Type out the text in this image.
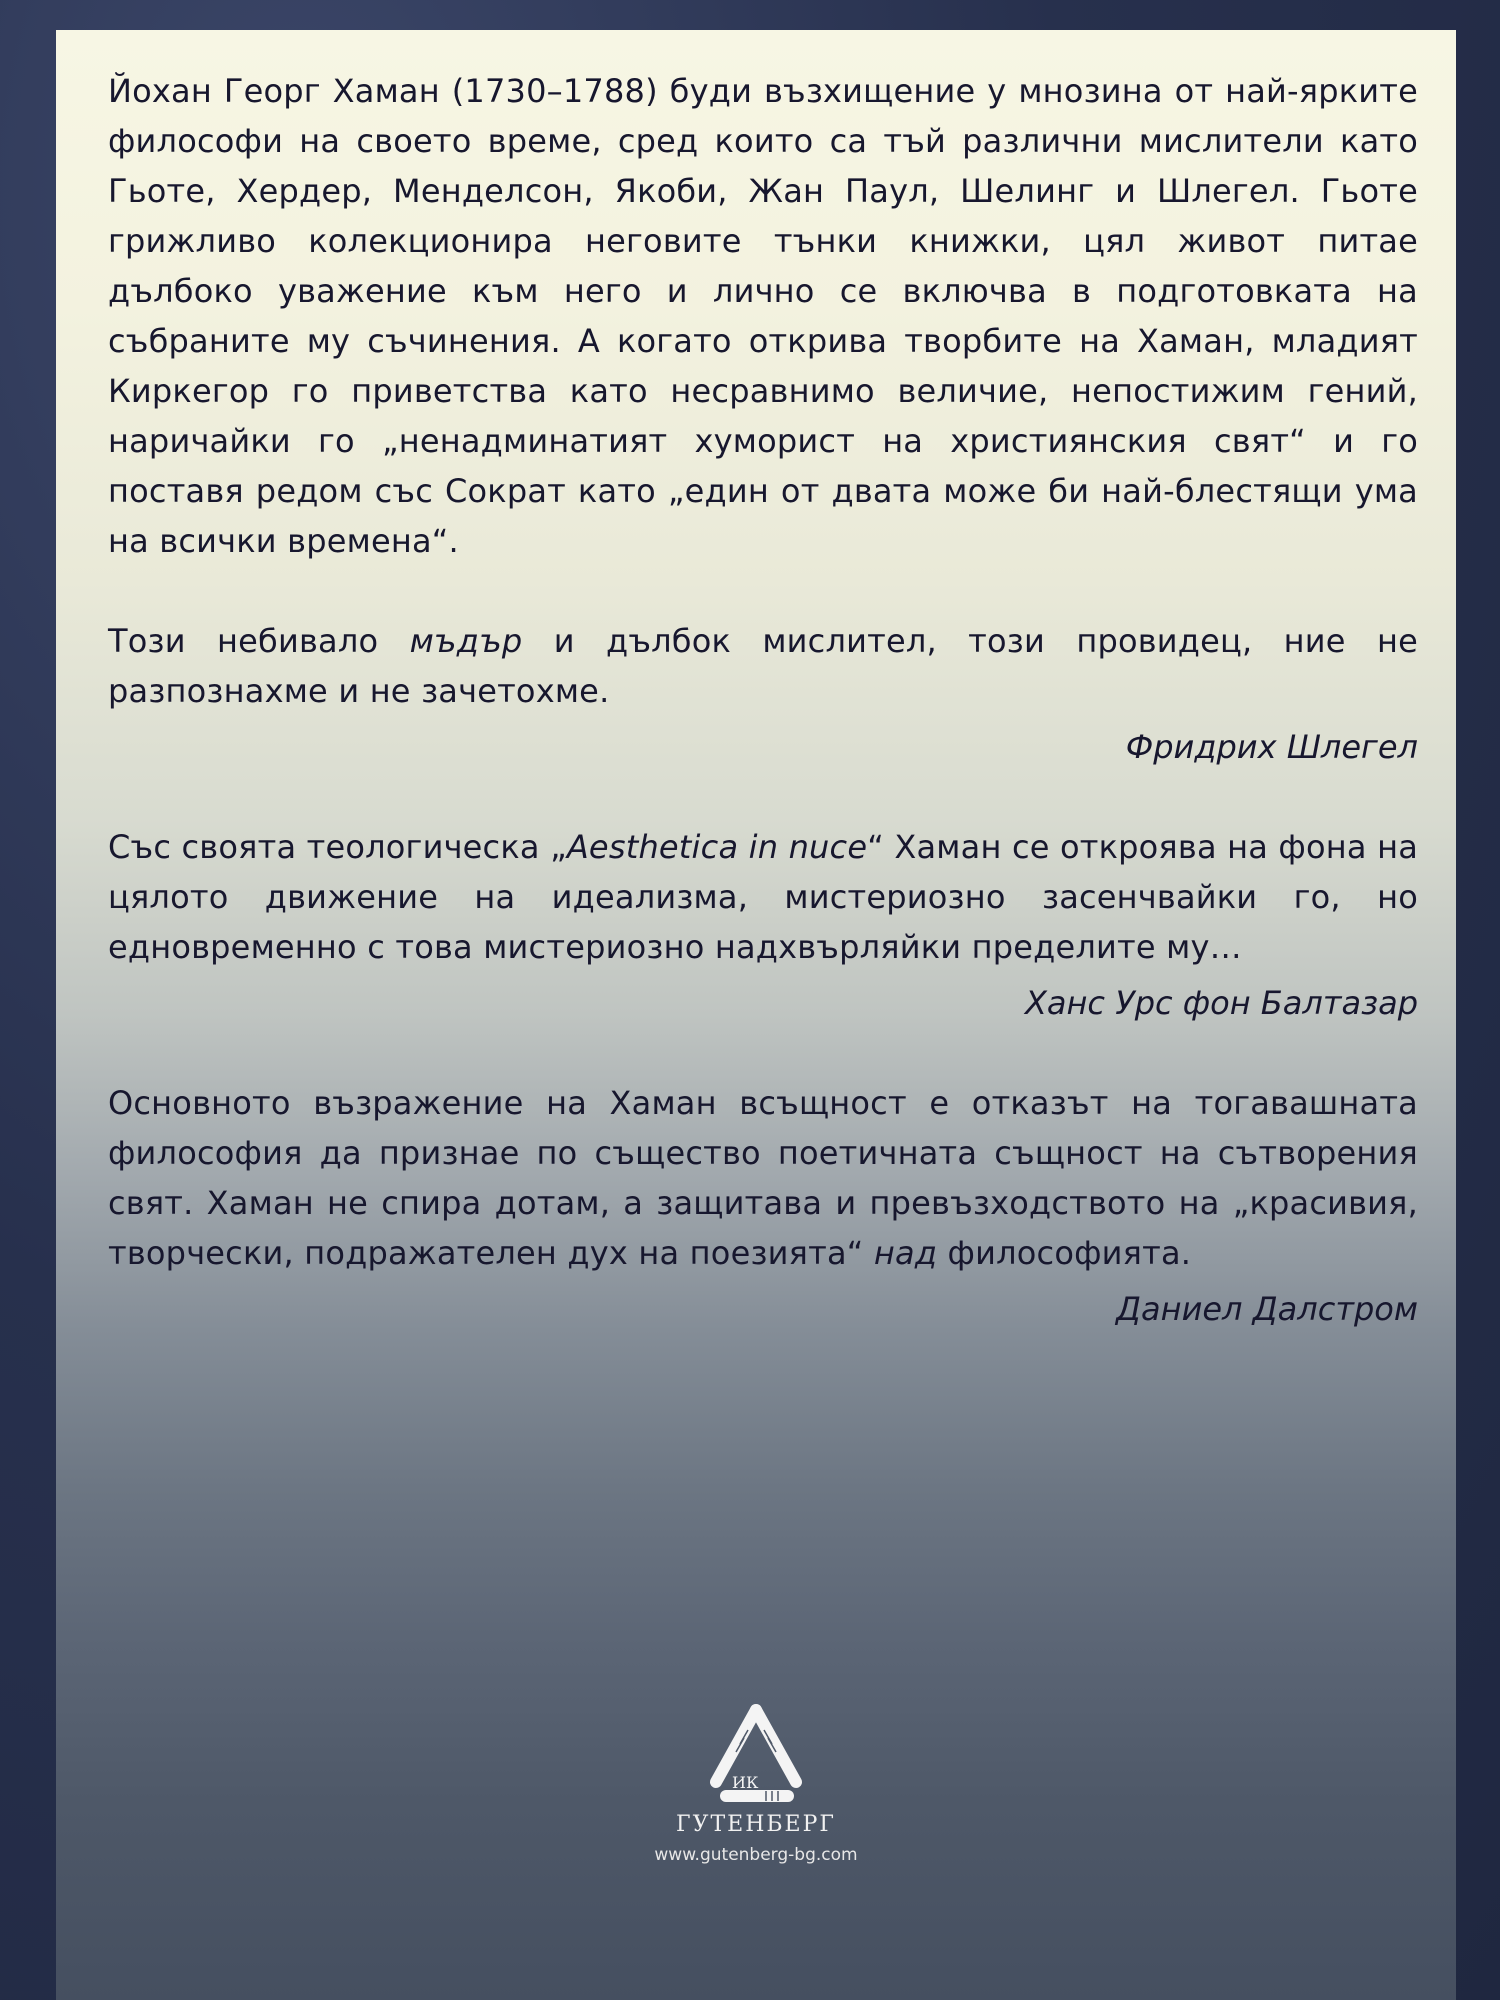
Йохан Георг Хаман (1730–1788) буди възхищение у мнозина от най-ярките философи на своето време, сред които са тъй различни мислители като Гьоте, Хердер, Менделсон, Якоби, Жан Паул, Шелинг и Шлегел. Гьоте грижливо колекционира неговите тънки книжки, цял живот питае дълбоко уважение към него и лично се включва в подготовката на събраните му съчинения. А когато открива творбите на Хаман, младият Киркегор го приветства като несравнимо величие, непостижим гений, наричайки го „ненадминатият хуморист на християнския свят“ и го поставя редом със Сократ като „един от двата може би най-блестящи ума на всички времена“.

Този небивало мъдър и дълбок мислител, този провидец, ние не разпознахме и не зачетохме.

Фридрих Шлегел

Със своята теологическа „Aesthetica in nuce“ Хаман се откроява на фона на цялото движение на идеализма, мистериозно засенчвайки го, но едновременно с това мистериозно надхвърляйки пределите му…

Ханс Урс фон Балтазар

Основното възражение на Хаман всъщност е отказът на тогавашната философия да признае по същество поетичната същност на сътворения свят. Хаман не спира дотам, а защитава и превъзходството на „красивия, творчески, подражателен дух на поезията“ над философията.

Даниел Далстром

ИК
ГУТЕНБЕРГ
www.gutenberg-bg.com
